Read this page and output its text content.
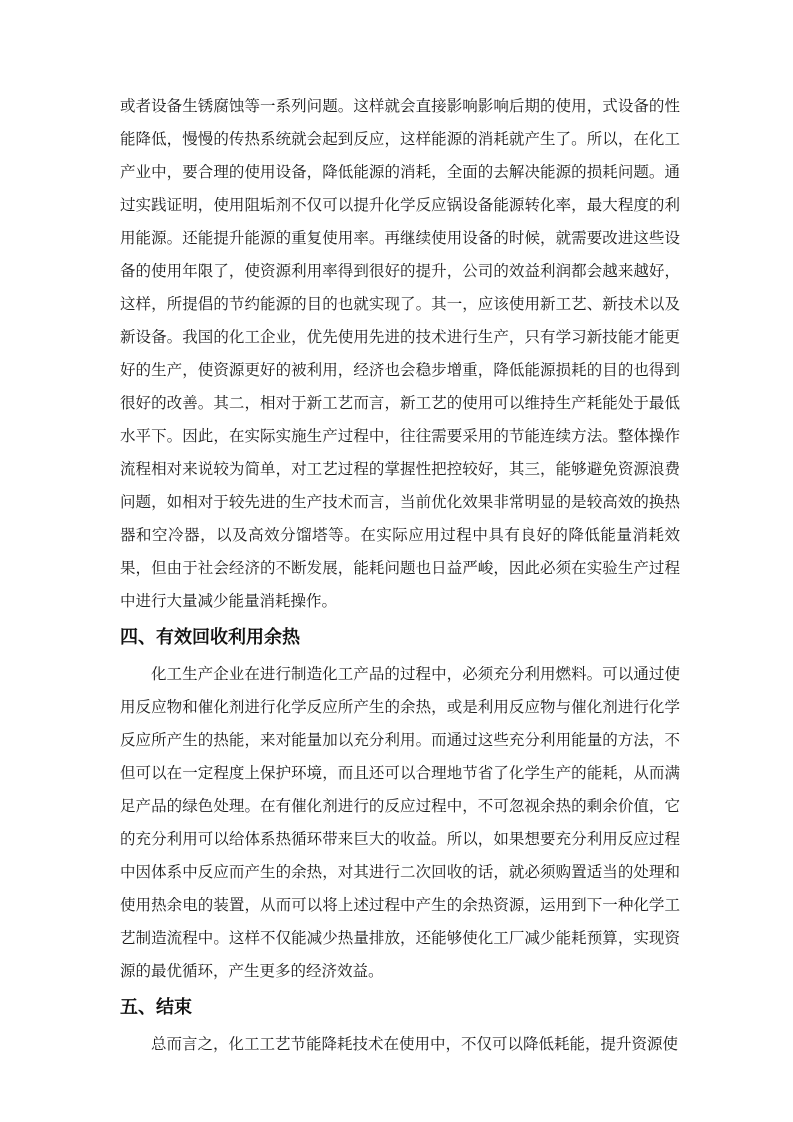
或者设备生锈腐蚀等一系列问题。这样就会直接影响影响后期的使用，式设备的性能降低，慢慢的传热系统就会起到反应，这样能源的消耗就产生了。所以，在化工产业中，要合理的使用设备，降低能源的消耗，全面的去解决能源的损耗问题。通过实践证明，使用阻垢剂不仅可以提升化学反应锅设备能源转化率，最大程度的利用能源。还能提升能源的重复使用率。再继续使用设备的时候，就需要改进这些设备的使用年限了，使资源利用率得到很好的提升，公司的效益利润都会越来越好，这样，所提倡的节约能源的目的也就实现了。其一，应该使用新工艺、新技术以及新设备。我国的化工企业，优先使用先进的技术进行生产，只有学习新技能才能更好的生产，使资源更好的被利用，经济也会稳步增重，降低能源损耗的目的也得到很好的改善。其二，相对于新工艺而言，新工艺的使用可以维持生产耗能处于最低水平下。因此，在实际实施生产过程中，往往需要采用的节能连续方法。整体操作流程相对来说较为简单，对工艺过程的掌握性把控较好，其三，能够避免资源浪费问题，如相对于较先进的生产技术而言，当前优化效果非常明显的是较高效的换热器和空冷器，以及高效分馏塔等。在实际应用过程中具有良好的降低能量消耗效果，但由于社会经济的不断发展，能耗问题也日益严峻，因此必须在实验生产过程中进行大量减少能量消耗操作。

四、有效回收利用余热

化工生产企业在进行制造化工产品的过程中，必须充分利用燃料。可以通过使用反应物和催化剂进行化学反应所产生的余热，或是利用反应物与催化剂进行化学反应所产生的热能，来对能量加以充分利用。而通过这些充分利用能量的方法，不但可以在一定程度上保护环境，而且还可以合理地节省了化学生产的能耗，从而满足产品的绿色处理。在有催化剂进行的反应过程中，不可忽视余热的剩余价值，它的充分利用可以给体系热循环带来巨大的收益。所以，如果想要充分利用反应过程中因体系中反应而产生的余热，对其进行二次回收的话，就必须购置适当的处理和使用热余电的装置，从而可以将上述过程中产生的余热资源，运用到下一种化学工艺制造流程中。这样不仅能减少热量排放，还能够使化工厂减少能耗预算，实现资源的最优循环，产生更多的经济效益。

五、结束

总而言之，化工工艺节能降耗技术在使用中，不仅可以降低耗能，提升资源使
